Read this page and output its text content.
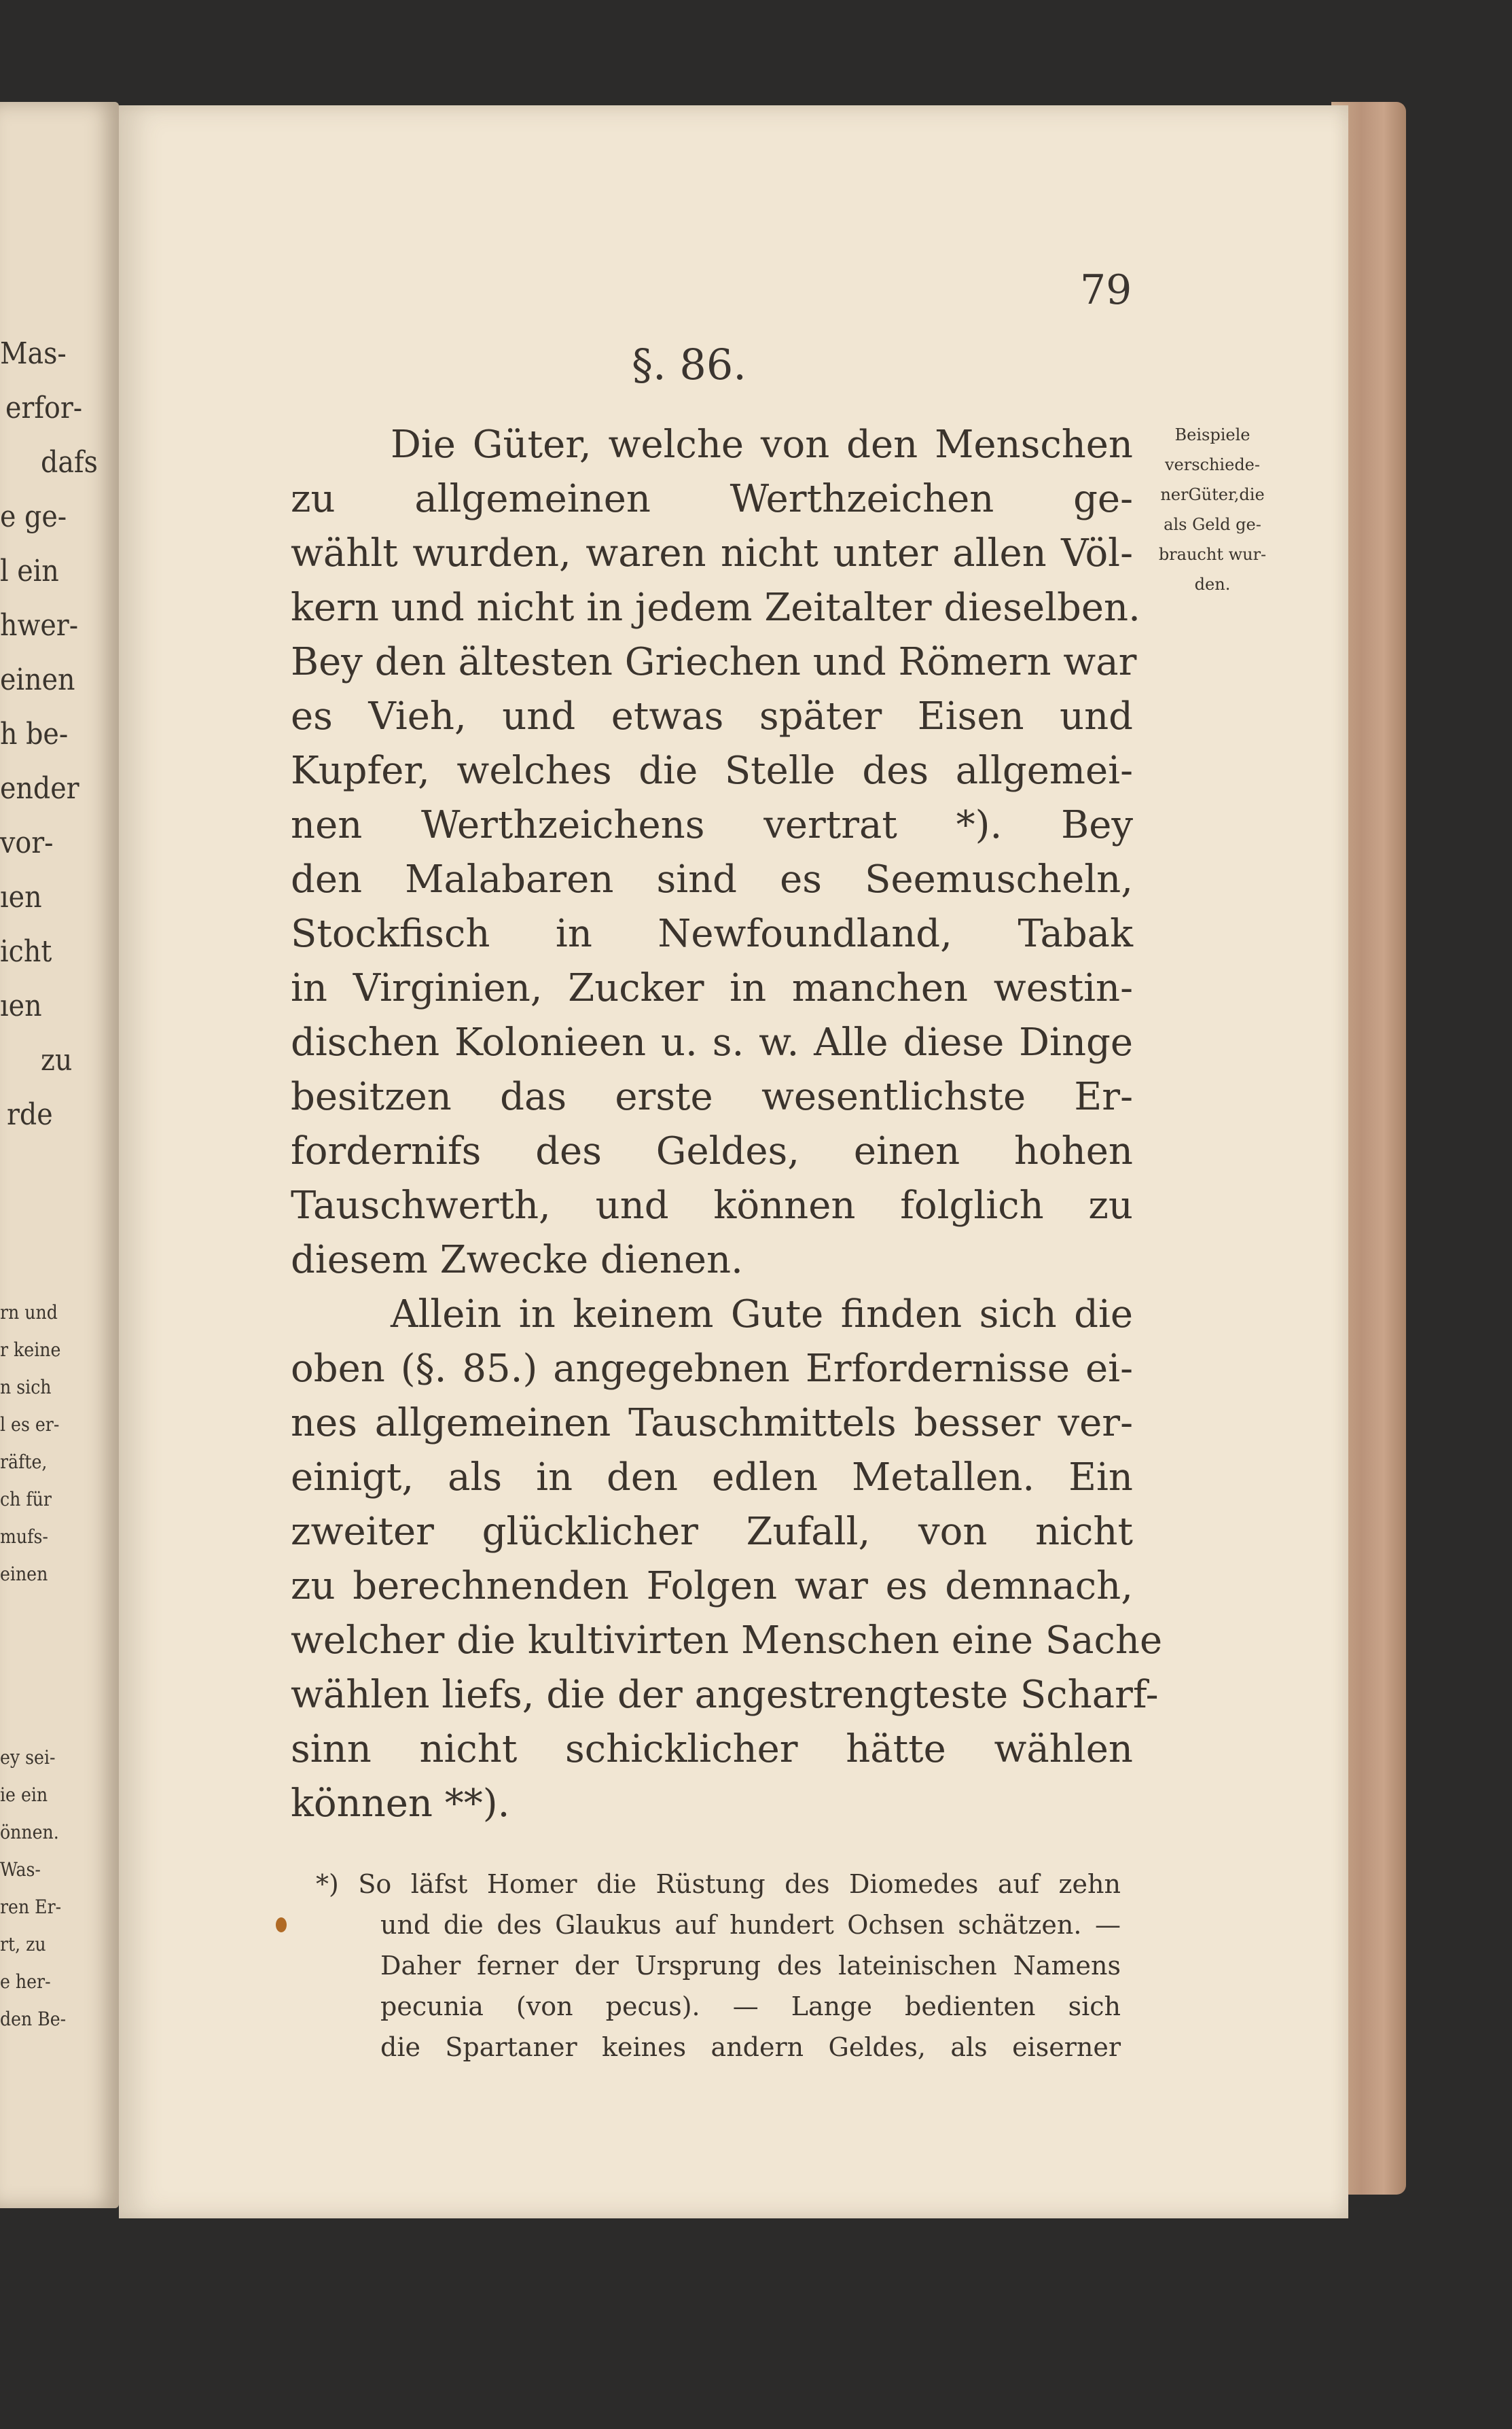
Mas-
erfor-
dafs
e ge-
l ein
hwer-
einen
h be-
ender
vor-
ıen
icht
ıen
zu
rde
rn und
r keine
n sich
l es er-
räfte,
ch für
mufs-
einen
ey sei-
ie ein
önnen.
Was-
ren Er-
rt, zu
e her-
den Be-
79
§. 86.
Die Güter, welche von den Menschen
zu allgemeinen Werthzeichen ge-
wählt wurden, waren nicht unter allen Völ-
kern und nicht in jedem Zeitalter dieselben.
Bey den ältesten Griechen und Römern war
es Vieh, und etwas später Eisen und
Kupfer, welches die Stelle des allgemei-
nen Werthzeichens vertrat *). Bey
den Malabaren sind es Seemuscheln,
Stockfisch in Newfoundland, Tabak
in Virginien, Zucker in manchen westin-
dischen Kolonieen u. s. w. Alle diese Dinge
besitzen das erste wesentlichste Er-
fordernifs des Geldes, einen hohen
Tauschwerth, und können folglich zu
diesem Zwecke dienen.
Allein in keinem Gute finden sich die
oben (§. 85.) angegebnen Erfordernisse ei-
nes allgemeinen Tauschmittels besser ver-
einigt, als in den edlen Metallen. Ein
zweiter glücklicher Zufall, von nicht
zu berechnenden Folgen war es demnach,
welcher die kultivirten Menschen eine Sache
wählen liefs, die der angestrengteste Scharf-
sinn nicht schicklicher hätte wählen
können **).
Beispiele
verschiede-
nerGüter,die
als Geld ge-
braucht wur-
den.
*) So läfst Homer die Rüstung des Diomedes auf zehn
und die des Glaukus auf hundert Ochsen schätzen. —
Daher ferner der Ursprung des lateinischen Namens
pecunia (von pecus). — Lange bedienten sich
die Spartaner keines andern Geldes, als eiserner
